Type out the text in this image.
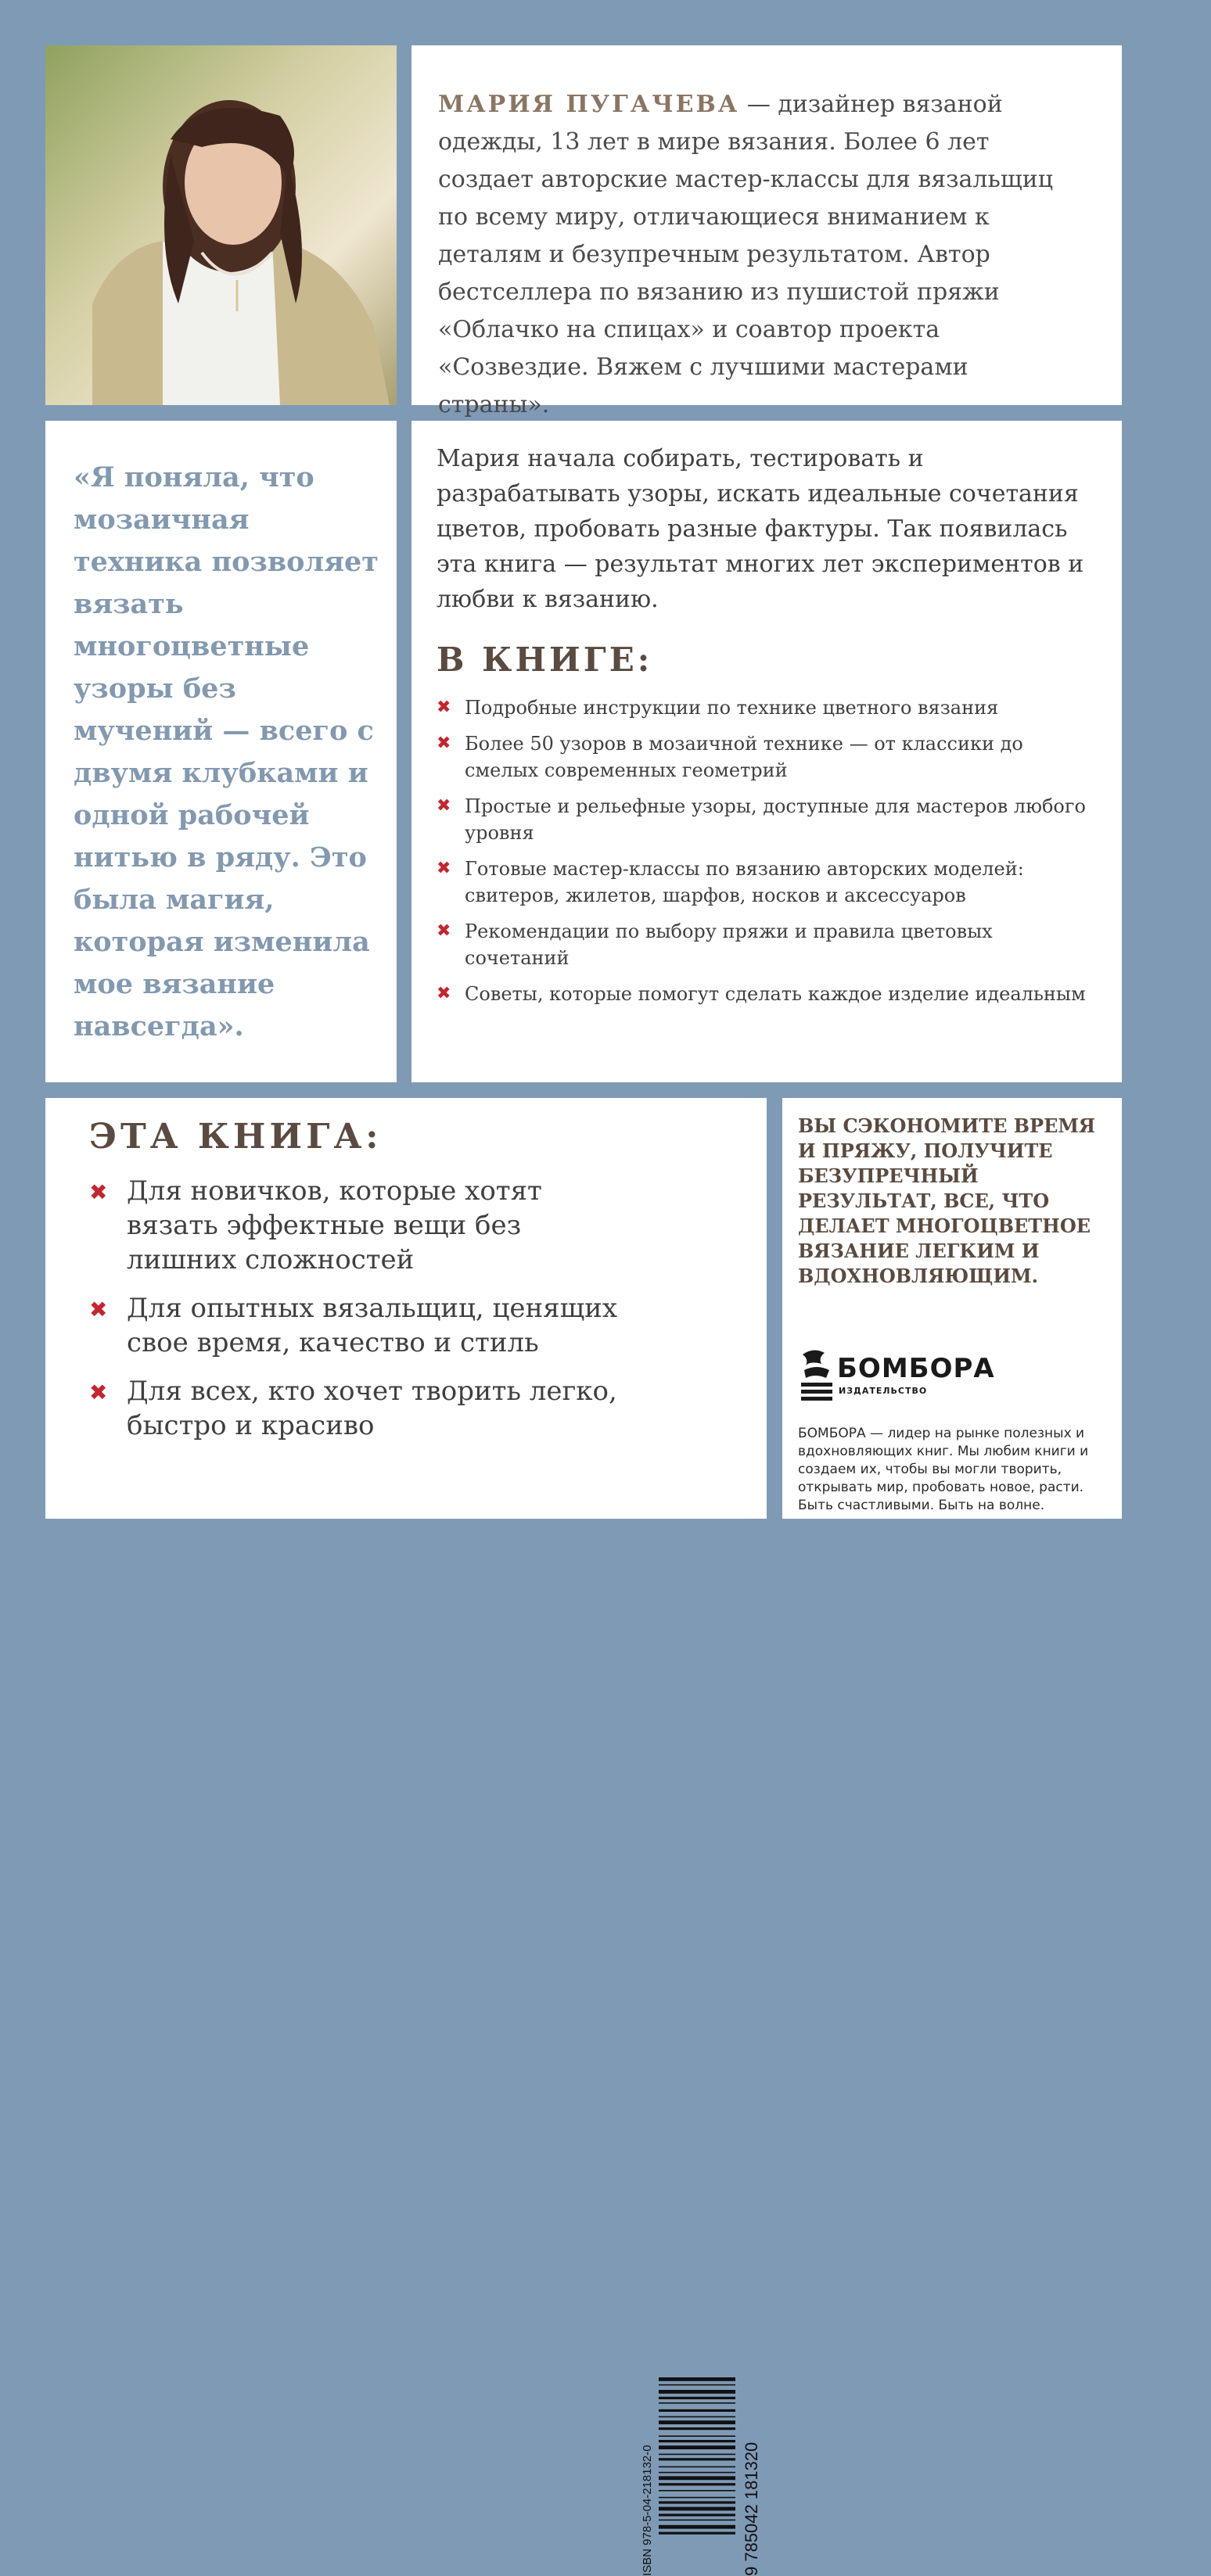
МАРИЯ ПУГАЧЕВА — дизайнер вязаной одежды, 13 лет в мире вязания. Более 6 лет создает авторские мастер-классы для вязальщиц по всему миру, отличающиеся вниманием к деталям и безупречным результатом. Автор бестселлера по вязанию из пушистой пряжи «Облачко на спицах» и соавтор проекта «Созвездие. Вяжем с лучшими мастерами страны».

«Я поняла, что мозаичная техника позволяет вязать многоцветные узоры без мучений — всего с двумя клубками и одной рабочей нитью в ряду. Это была магия, которая изменила мое вязание навсегда».

Мария начала собирать, тестировать и разрабатывать узоры, искать идеальные сочетания цветов, пробовать разные фактуры. Так появилась эта книга — результат многих лет экспериментов и любви к вязанию.

В КНИГЕ:
✖ Подробные инструкции по технике цветного вязания
✖ Более 50 узоров в мозаичной технике — от классики до смелых современных геометрий
✖ Простые и рельефные узоры, доступные для мастеров любого уровня
✖ Готовые мастер-классы по вязанию авторских моделей: свитеров, жилетов, шарфов, носков и аксессуаров
✖ Рекомендации по выбору пряжи и правила цветовых сочетаний
✖ Советы, которые помогут сделать каждое изделие идеальным
ЭТА КНИГА:
✖ Для новичков, которые хотят вязать эффектные вещи без лишних сложностей
✖ Для опытных вязальщиц, ценящих свое время, качество и стиль
✖ Для всех, кто хочет творить легко, быстро и красиво
ISBN 978-5-04-218132-0	9 785042 181320

ВЫ СЭКОНОМИТЕ ВРЕМЯ И ПРЯЖУ, ПОЛУЧИТЕ БЕЗУПРЕЧНЫЙ РЕЗУЛЬТАТ, ВСЕ, ЧТО ДЕЛАЕТ МНОГОЦВЕТНОЕ ВЯЗАНИЕ ЛЕГКИМ И ВДОХНОВЛЯЮЩИМ.

БОМБОРА
ИЗДАТЕЛЬСТВО

БОМБОРА — лидер на рынке полезных и вдохновляющих книг. Мы любим книги и создаем их, чтобы вы могли творить, открывать мир, пробовать новое, расти. Быть счастливыми. Быть на волне.
